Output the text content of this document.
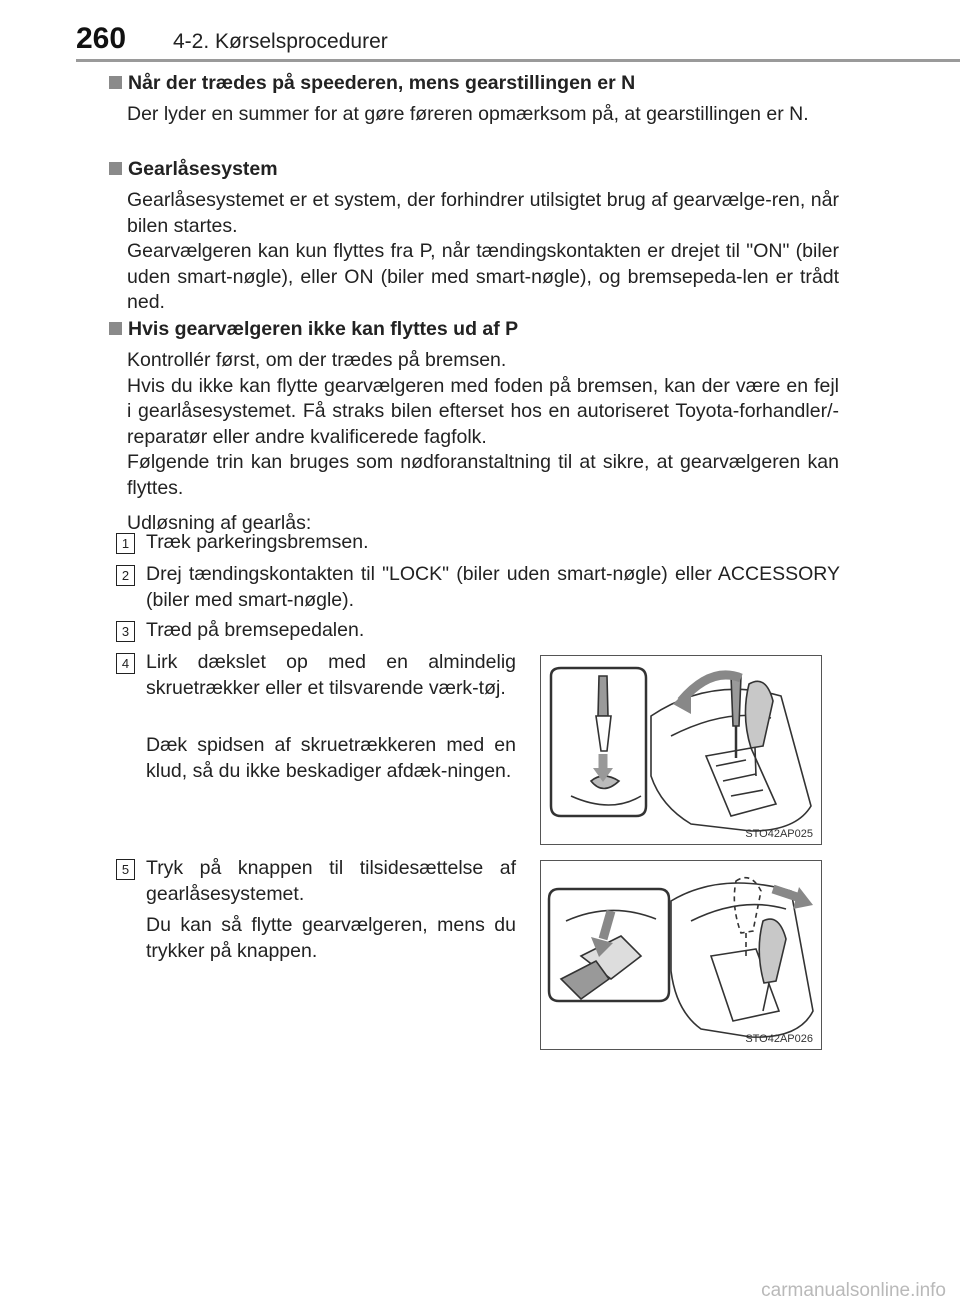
260 4-2. Kørselsprocedurer

Når der trædes på speederen, mens gearstillingen er N

Der lyder en summer for at gøre føreren opmærksom på, at gearstillingen er N.

Gearlåsesystem

Gearlåsesystemet er et system, der forhindrer utilsigtet brug af gearvælge-ren, når bilen startes.

Gearvælgeren kan kun flyttes fra P, når tændingskontakten er drejet til "ON" (biler uden smart-nøgle), eller ON (biler med smart-nøgle), og bremsepeda-len er trådt ned.

Hvis gearvælgeren ikke kan flyttes ud af P

Kontrollér først, om der trædes på bremsen.

Hvis du ikke kan flytte gearvælgeren med foden på bremsen, kan der være en fejl i gearlåsesystemet. Få straks bilen efterset hos en autoriseret Toyota-forhandler/-reparatør eller andre kvalificerede fagfolk.

Følgende trin kan bruges som nødforanstaltning til at sikre, at gearvælgeren kan flyttes.

Udløsning af gearlås:

1 Træk parkeringsbremsen.
2 Drej tændingskontakten til "LOCK" (biler uden smart-nøgle) eller ACCESSORY (biler med smart-nøgle).
3 Træd på bremsepedalen.
4 Lirk dækslet op med en almindelig skruetrækker eller et tilsvarende værk-tøj.
Dæk spidsen af skruetrækkeren med en klud, så du ikke beskadiger afdæk-ningen.
5 Tryk på knappen til tilsidesættelse af gearlåsesystemet.
Du kan så flytte gearvælgeren, mens du trykker på knappen.
STO42AP025
STO42AP026
carmanualsonline.info
